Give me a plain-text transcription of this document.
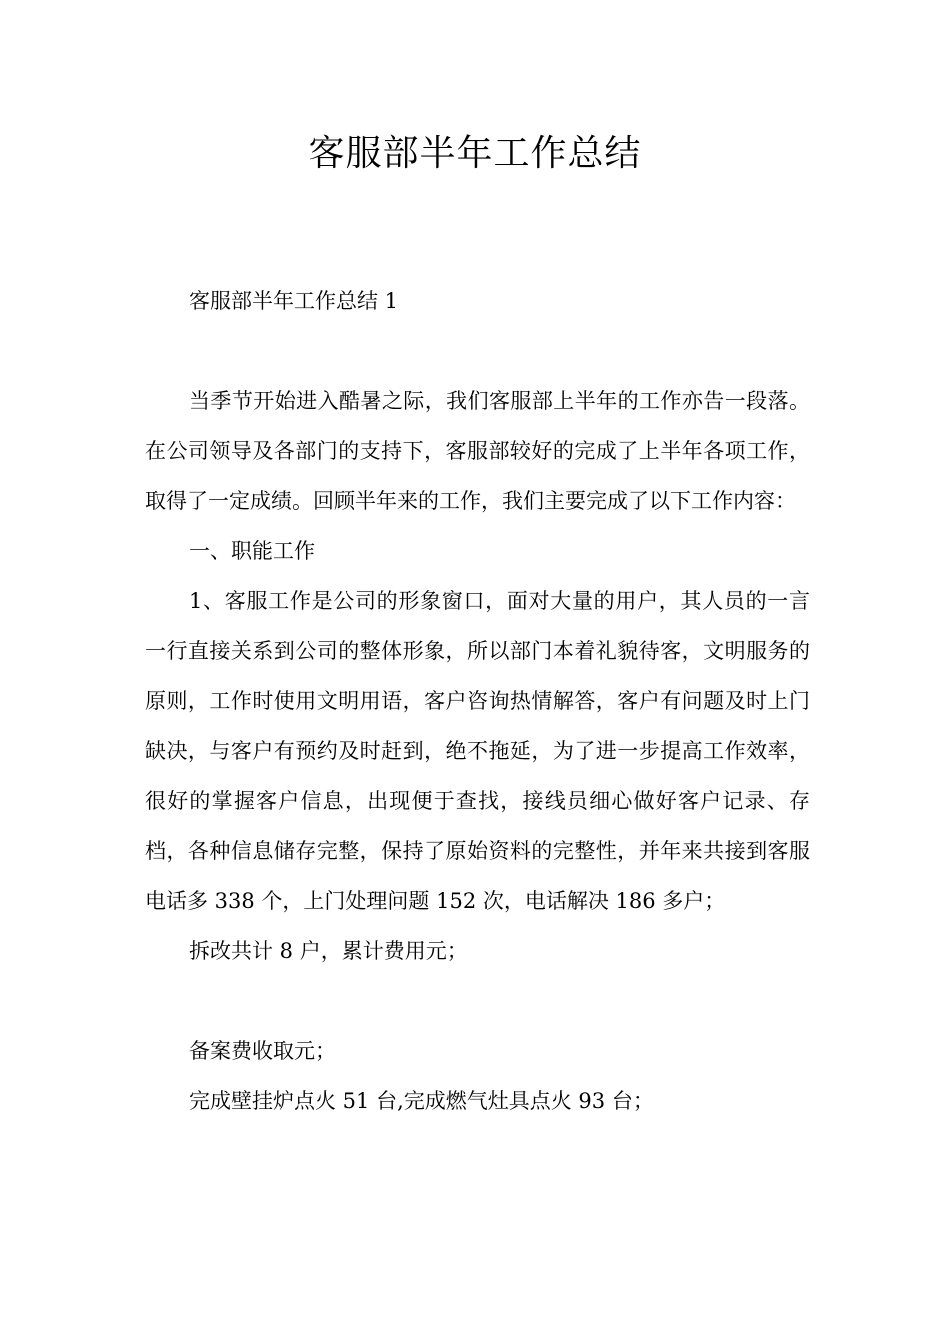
客服部半年工作总结
客服部半年工作总结 1

当季节开始进入酷暑之际，我们客服部上半年的工作亦告一段落。在公司领导及各部门的支持下，客服部较好的完成了上半年各项工作，取得了一定成绩。回顾半年来的工作，我们主要完成了以下工作内容：

一、职能工作

1、客服工作是公司的形象窗口，面对大量的用户，其人员的一言一行直接关系到公司的整体形象，所以部门本着礼貌待客，文明服务的原则，工作时使用文明用语，客户咨询热情解答，客户有问题及时上门缺决，与客户有预约及时赶到，绝不拖延，为了进一步提高工作效率，很好的掌握客户信息，出现便于查找，接线员细心做好客户记录、存档，各种信息储存完整，保持了原始资料的完整性，并年来共接到客服电话多 338 个，上门处理问题 152 次，电话解决 186 多户；

拆改共计 8 户，累计费用元；

备案费收取元；

完成壁挂炉点火 51 台,完成燃气灶具点火 93 台；
